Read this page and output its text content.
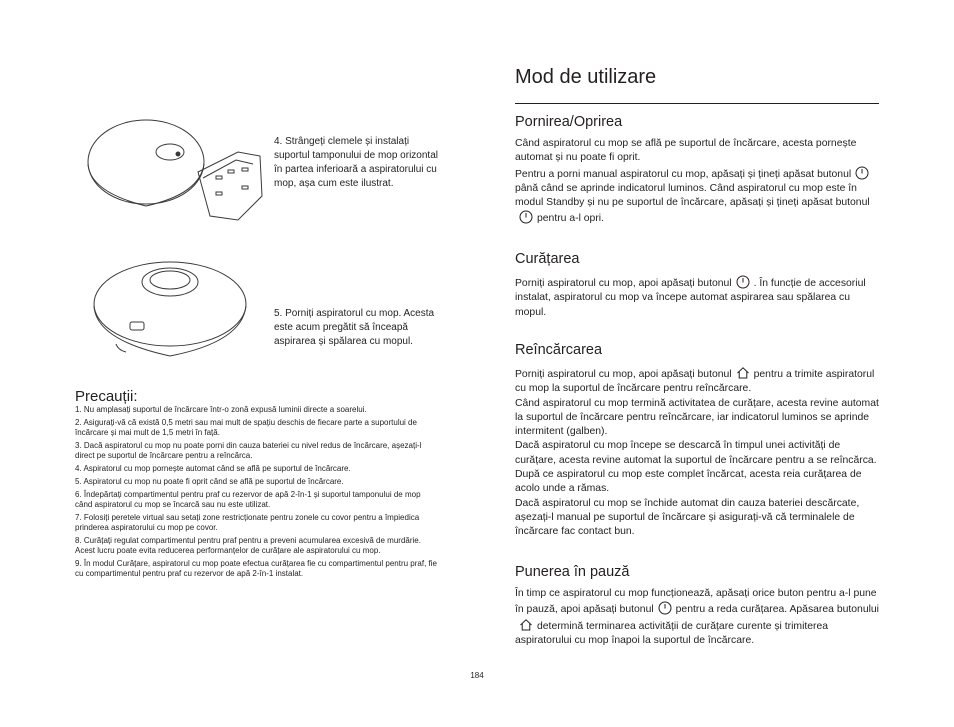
4. Strângeți clemele și instalați suportul tamponului de mop orizontal în partea inferioară a aspiratorului cu mop, așa cum este ilustrat.
5. Porniți aspiratorul cu mop. Acesta este acum pregătit să înceapă aspirarea și spălarea cu mopul.
Precauții:
1. Nu amplasați suportul de încărcare într-o zonă expusă luminii directe a soarelui.
2. Asigurați-vă că există 0,5 metri sau mai mult de spațiu deschis de fiecare parte a suportului de încărcare și mai mult de 1,5 metri în față.
3. Dacă aspiratorul cu mop nu poate porni din cauza bateriei cu nivel redus de încărcare, așezați-l direct pe suportul de încărcare pentru a reîncărca.
4. Aspiratorul cu mop pornește automat când se află pe suportul de încărcare.
5. Aspiratorul cu mop nu poate fi oprit când se află pe suportul de încărcare.
6. Îndepărtați compartimentul pentru praf cu rezervor de apă 2-în-1 și suportul tamponului de mop când aspiratorul cu mop se încarcă sau nu este utilizat.
7. Folosiți peretele virtual sau setați zone restricționate pentru zonele cu covor pentru a împiedica prinderea aspiratorului cu mop pe covor.
8. Curățați regulat compartimentul pentru praf pentru a preveni acumularea excesivă de murdărie. Acest lucru poate evita reducerea performanțelor de curățare ale aspiratorului cu mop.
9. În modul Curățare, aspiratorul cu mop poate efectua curățarea fie cu compartimentul pentru praf, fie cu compartimentul pentru praf cu rezervor de apă 2-în-1 instalat.
Mod de utilizare
Pornirea/Oprirea
Când aspiratorul cu mop se află pe suportul de încărcare, acesta pornește automat și nu poate fi oprit.
Pentru a porni manual aspiratorul cu mop, apăsați și țineți apăsat butonulpână când se aprinde indicatorul luminos. Când aspiratorul cu mop este în modul Standby și nu pe suportul de încărcare, apăsați și țineți apăsat butonulpentru a-l opri.
Curățarea
Porniți aspiratorul cu mop, apoi apăsați butonul . În funcție de accesoriul instalat, aspiratorul cu mop va începe automat aspirarea sau spălarea cu mopul.
Reîncărcarea
Porniți aspiratorul cu mop, apoi apăsați butonul pentru a trimite aspiratorul cu mop la suportul de încărcare pentru reîncărcare.
Când aspiratorul cu mop termină activitatea de curățare, acesta revine automat la suportul de încărcare pentru reîncărcare, iar indicatorul luminos se aprinde intermitent (galben).
Dacă aspiratorul cu mop începe se descarcă în timpul unei activități de curățare, acesta revine automat la suportul de încărcare pentru a se reîncărca. După ce aspiratorul cu mop este complet încărcat, acesta reia curățarea de acolo unde a rămas.
Dacă aspiratorul cu mop se închide automat din cauza bateriei descărcate, așezați-l manual pe suportul de încărcare și asigurați-vă că terminalele de încărcare fac contact bun.
Punerea în pauză
În timp ce aspiratorul cu mop funcționează, apăsați orice buton pentru a-l pune în pauză, apoi apăsați butonul pentru a reda curățarea. Apăsarea butonuluidetermină terminarea activității de curățare curente și trimiterea aspiratorului cu mop înapoi la suportul de încărcare.
184
